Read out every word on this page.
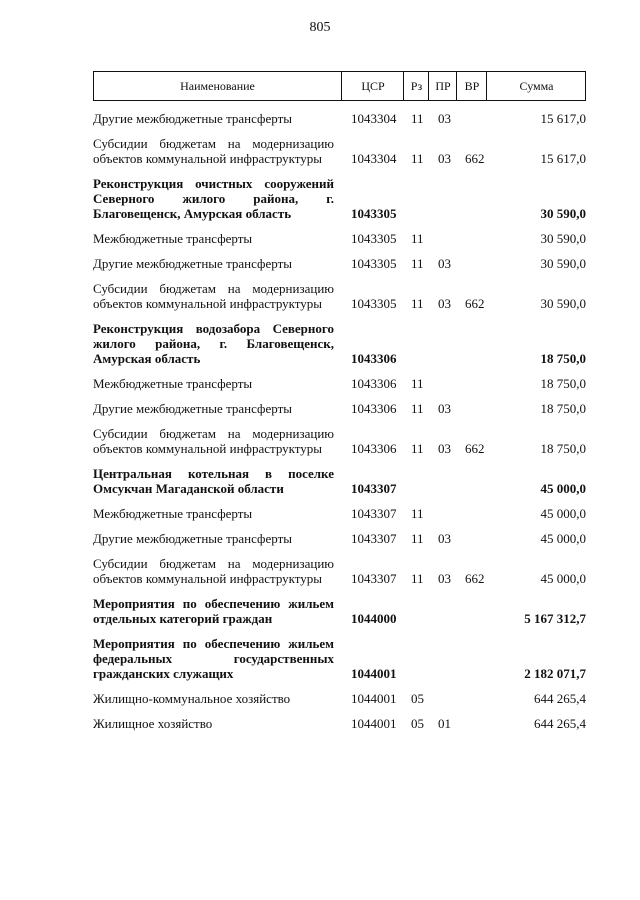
805
Наименование	ЦСР	Рз	ПР	ВР	Сумма
Другие межбюджетные трансферты	1043304 11 03	15 617,0
Субсидии бюджетам на модернизацию объектов коммунальной инфраструктуры	1043304 11 03 662	15 617,0
Реконструкция очистных сооружений Северного жилого района, г. Благовещенск, Амурская область	1043305	30 590,0
Межбюджетные трансферты	1043305 11	30 590,0
Другие межбюджетные трансферты	1043305 11 03	30 590,0
Субсидии бюджетам на модернизацию объектов коммунальной инфраструктуры	1043305 11 03 662	30 590,0
Реконструкция водозабора Северного жилого района, г. Благовещенск, Амурская область	1043306	18 750,0
Межбюджетные трансферты	1043306 11	18 750,0
Другие межбюджетные трансферты	1043306 11 03	18 750,0
Субсидии бюджетам на модернизацию объектов коммунальной инфраструктуры	1043306 11 03 662	18 750,0
Центральная котельная в поселке Омсукчан Магаданской области	1043307	45 000,0
Межбюджетные трансферты	1043307 11	45 000,0
Другие межбюджетные трансферты	1043307 11 03	45 000,0
Субсидии бюджетам на модернизацию объектов коммунальной инфраструктуры	1043307 11 03 662	45 000,0
Мероприятия по обеспечению жильем отдельных категорий граждан	1044000	5 167 312,7
Мероприятия по обеспечению жильем федеральных государственных гражданских служащих	1044001	2 182 071,7
Жилищно-коммунальное хозяйство	1044001 05	644 265,4
Жилищное хозяйство	1044001 05 01	644 265,4
